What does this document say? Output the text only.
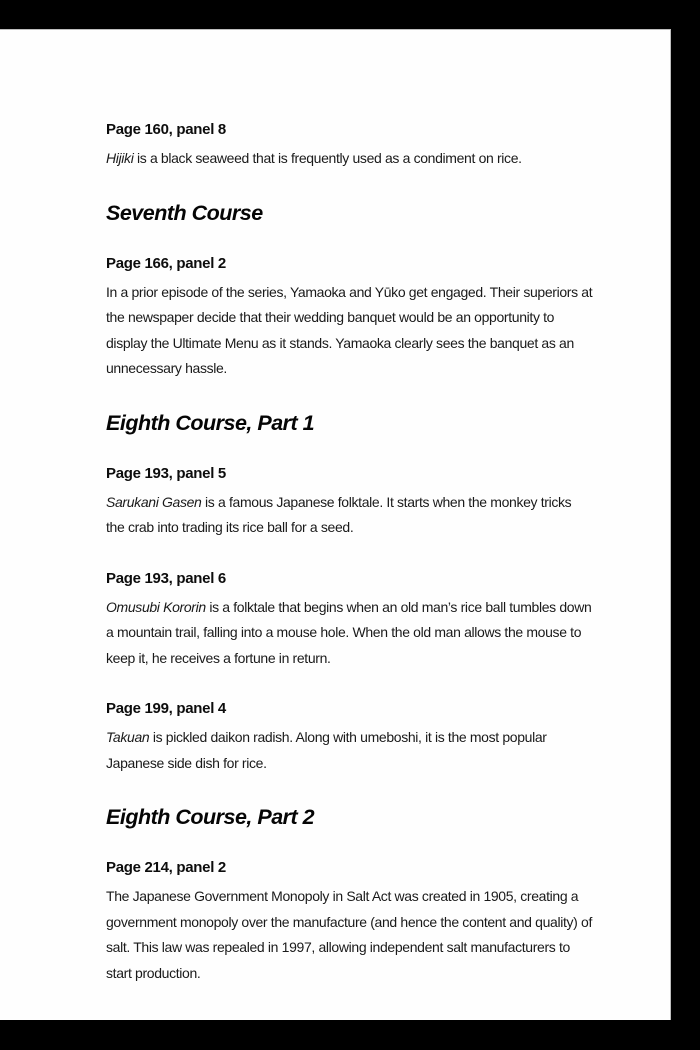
Page 160, panel 8

Hijiki is a black seaweed that is frequently used as a condiment on rice.

Seventh Course
Page 166, panel 2

In a prior episode of the series, Yamaoka and Yūko get engaged. Their superiors at the newspaper decide that their wedding banquet would be an opportunity to display the Ultimate Menu as it stands. Yamaoka clearly sees the banquet as an unnecessary hassle.

Eighth Course, Part 1
Page 193, panel 5

Sarukani Gasen is a famous Japanese folktale. It starts when the monkey tricks the crab into trading its rice ball for a seed.

Page 193, panel 6

Omusubi Kororin is a folktale that begins when an old man’s rice ball tumbles down a mountain trail, falling into a mouse hole. When the old man allows the mouse to keep it, he receives a fortune in return.

Page 199, panel 4

Takuan is pickled daikon radish. Along with umeboshi, it is the most popular Japanese side dish for rice.

Eighth Course, Part 2
Page 214, panel 2

The Japanese Government Monopoly in Salt Act was created in 1905, creating a government monopoly over the manufacture (and hence the content and quality) of salt. This law was repealed in 1997, allowing independent salt manufacturers to start production.
